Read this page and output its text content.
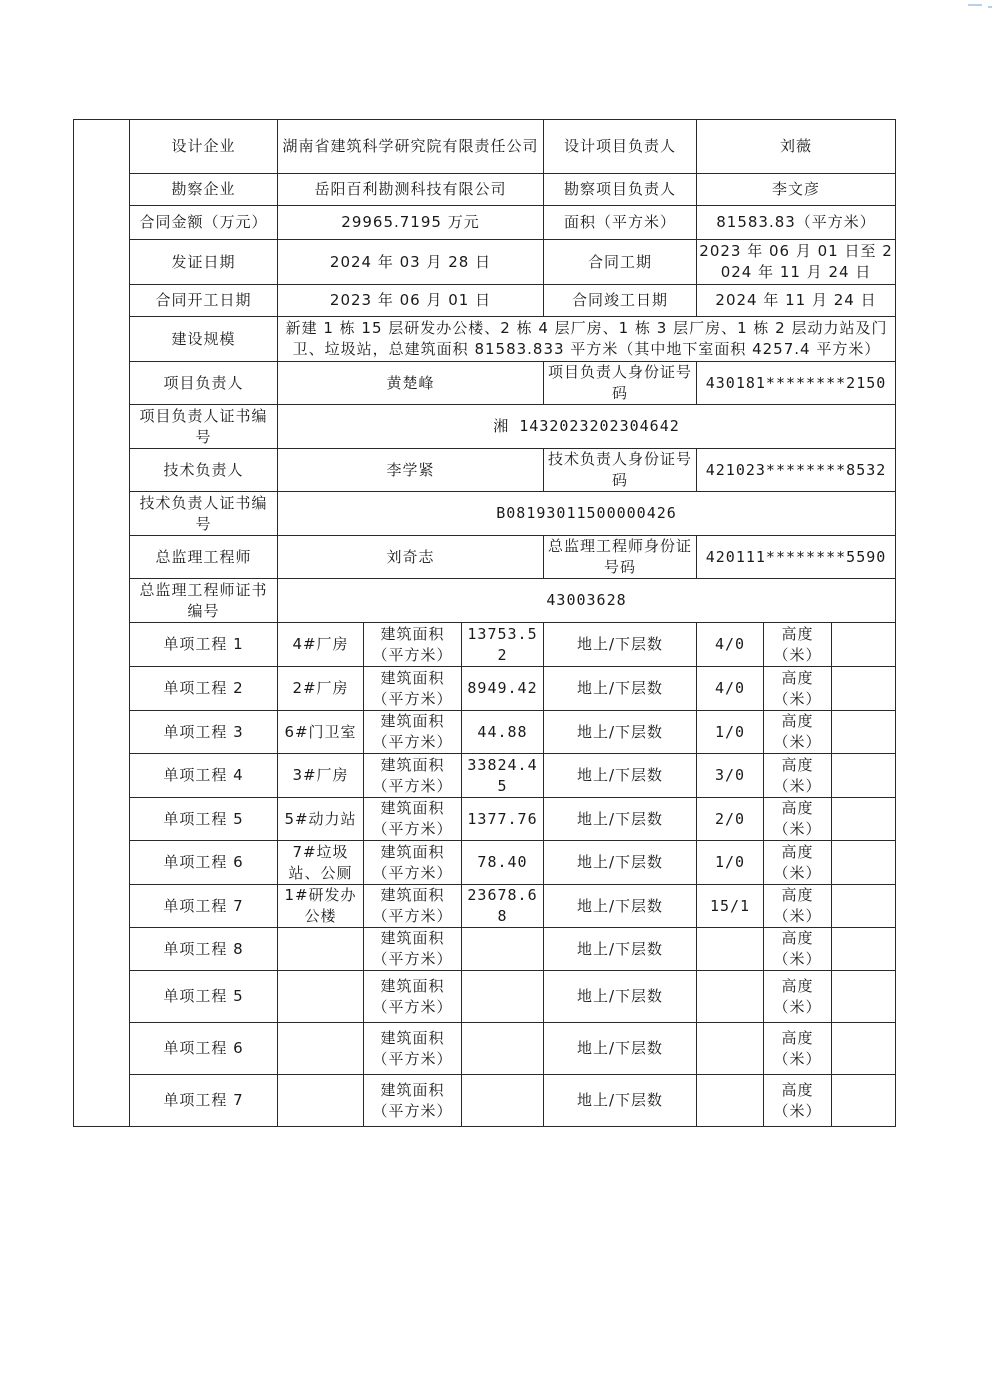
	设计企业	湖南省建筑科学研究院有限责任公司			设计项目负责人	刘薇		
	勘察企业	岳阳百利勘测科技有限公司			勘察项目负责人	李文彦		
	合同金额（万元）	29965.7195 万元			面积（平方米）	81583.83（平方米）		
	发证日期	2024 年 03 月 28 日			合同工期	2023 年 06 月 01 日至 2024 年 11 月 24 日		
	合同开工日期	2023 年 06 月 01 日			合同竣工日期	2024 年 11 月 24 日		
	建设规模	新建 1 栋 15 层研发办公楼、2 栋 4 层厂房、1 栋 3 层厂房、1 栋 2 层动力站及门卫、垃圾站，总建筑面积 81583.833 平方米（其中地下室面积 4257.4 平方米）						
	项目负责人	黄楚峰			项目负责人身份证号码	430181********2150		
	项目负责人证书编号	湘 1432023202304642						
	技术负责人	李学紧			技术负责人身份证号码	421023********8532		
	技术负责人证书编号	B08193011500000426						
	总监理工程师	刘奇志			总监理工程师身份证号码	420111********5590		
	总监理工程师证书编号	43003628						
	单项工程 1	4#厂房	建筑面积（平方米）	13753.52	地上/下层数	4/0	高度（米）	
	单项工程 2	2#厂房	建筑面积（平方米）	8949.42	地上/下层数	4/0	高度（米）	
	单项工程 3	6#门卫室	建筑面积（平方米）	44.88	地上/下层数	1/0	高度（米）	
	单项工程 4	3#厂房	建筑面积（平方米）	33824.45	地上/下层数	3/0	高度（米）	
	单项工程 5	5#动力站	建筑面积（平方米）	1377.76	地上/下层数	2/0	高度（米）	
	单项工程 6	7#垃圾站、公厕	建筑面积（平方米）	78.40	地上/下层数	1/0	高度（米）	
	单项工程 7	1#研发办公楼	建筑面积（平方米）	23678.68	地上/下层数	15/1	高度（米）	
	单项工程 8		建筑面积（平方米）		地上/下层数		高度（米）	
	单项工程 5		建筑面积（平方米）		地上/下层数		高度（米）	
	单项工程 6		建筑面积（平方米）		地上/下层数		高度（米）	
	单项工程 7		建筑面积（平方米）		地上/下层数		高度（米）	
